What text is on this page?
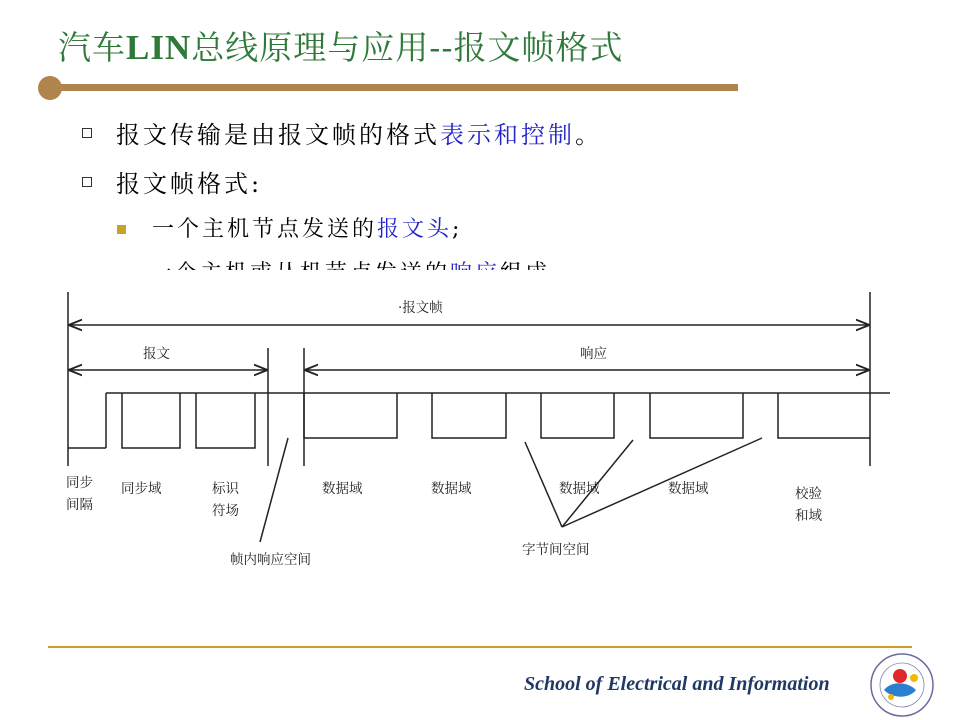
汽车LIN总线原理与应用--报文帧格式
报文传输是由报文帧的格式表示和控制。
报文帧格式:
一个主机节点发送的报文头;
·报文帧
报文	响应
同步
间隔
同步域	标识
符场
数据域	数据域	数据域	数据域	校验
和域
帧内响应空间
字节间空间
School of Electrical and Information
